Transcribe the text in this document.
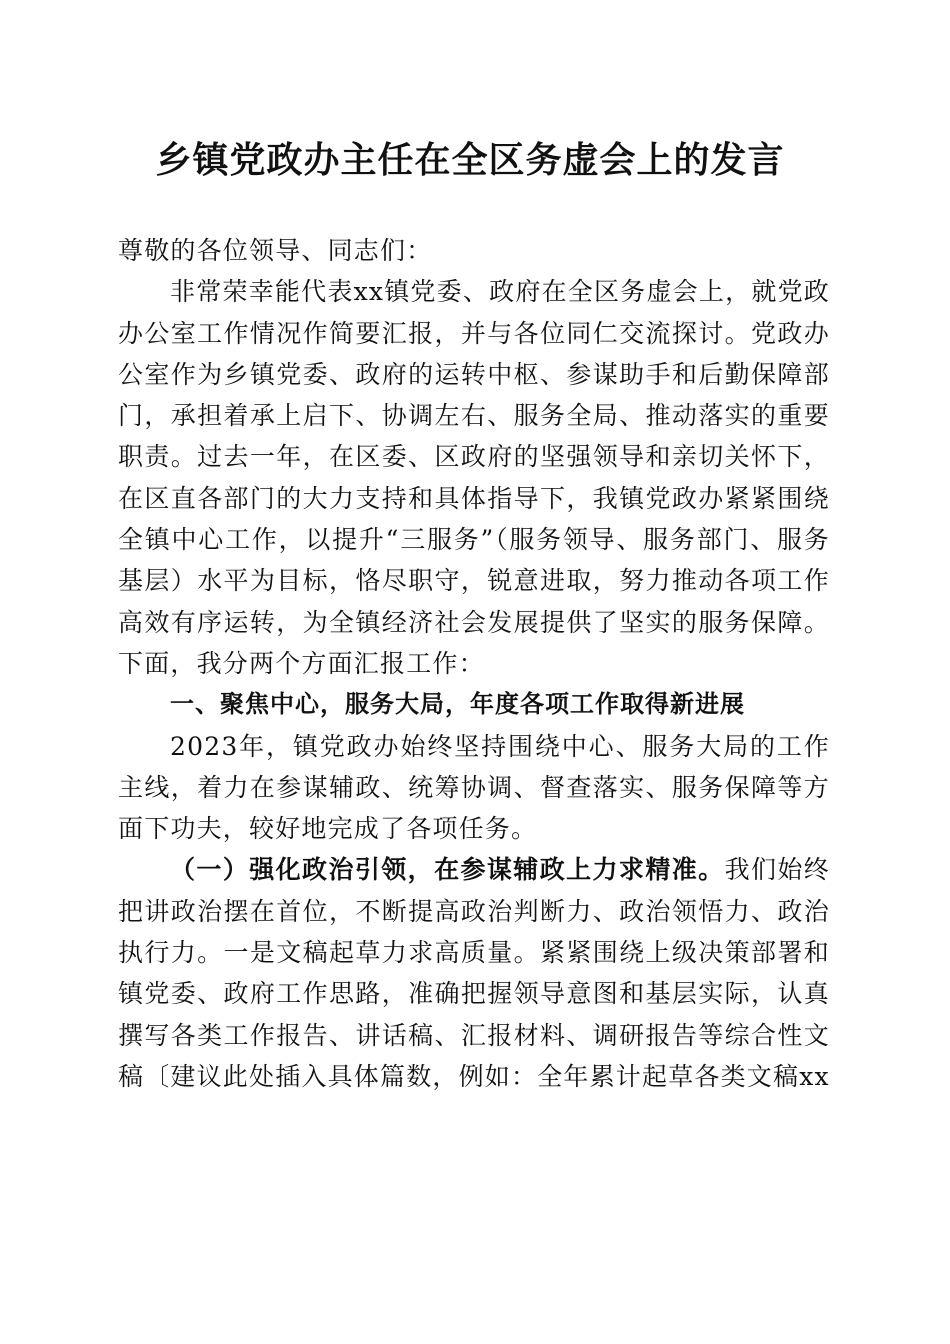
乡镇党政办主任在全区务虚会上的发言

尊敬的各位领导、同志们：

非常荣幸能代表xx镇党委、政府在全区务虚会上，就党政办公室工作情况作简要汇报，并与各位同仁交流探讨。党政办公室作为乡镇党委、政府的运转中枢、参谋助手和后勤保障部门，承担着承上启下、协调左右、服务全局、推动落实的重要职责。过去一年，在区委、区政府的坚强领导和亲切关怀下，在区直各部门的大力支持和具体指导下，我镇党政办紧紧围绕全镇中心工作，以提升“三服务”（服务领导、服务部门、服务基层）水平为目标，恪尽职守，锐意进取，努力推动各项工作高效有序运转，为全镇经济社会发展提供了坚实的服务保障。下面，我分两个方面汇报工作：

一、聚焦中心，服务大局，年度各项工作取得新进展

2023年，镇党政办始终坚持围绕中心、服务大局的工作主线，着力在参谋辅政、统筹协调、督查落实、服务保障等方面下功夫，较好地完成了各项任务。

（一）强化政治引领，在参谋辅政上力求精准。我们始终把讲政治摆在首位，不断提高政治判断力、政治领悟力、政治执行力。一是文稿起草力求高质量。紧紧围绕上级决策部署和镇党委、政府工作思路，准确把握领导意图和基层实际，认真撰写各类工作报告、讲话稿、汇报材料、调研报告等综合性文稿〔建议此处插入具体篇数，例如：全年累计起草各类文稿xx
